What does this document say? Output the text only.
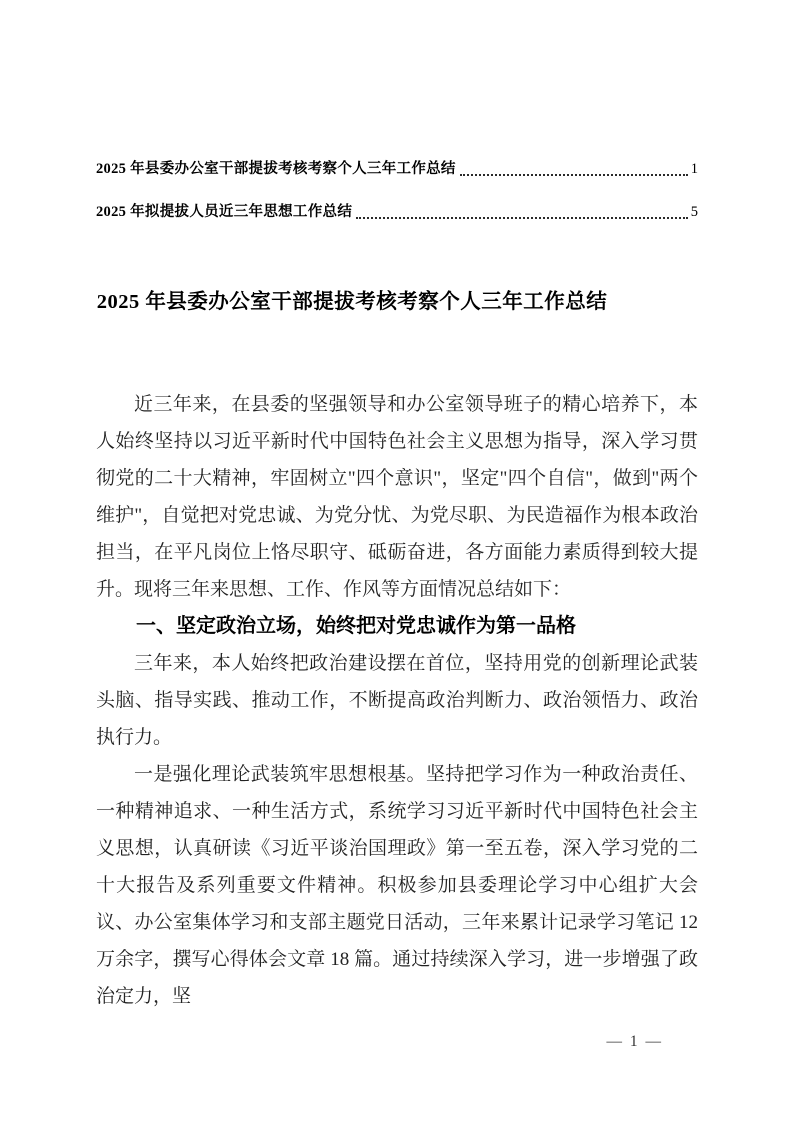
2025 年县委办公室干部提拔考核考察个人三年工作总结	1
2025 年拟提拔人员近三年思想工作总结	5
2025 年县委办公室干部提拔考核考察个人三年工作总结

近三年来，在县委的坚强领导和办公室领导班子的精心培养下，本人始终坚持以习近平新时代中国特色社会主义思想为指导，深入学习贯彻党的二十大精神，牢固树立"四个意识"，坚定"四个自信"，做到"两个维护"，自觉把对党忠诚、为党分忧、为党尽职、为民造福作为根本政治担当，在平凡岗位上恪尽职守、砥砺奋进，各方面能力素质得到较大提升。现将三年来思想、工作、作风等方面情况总结如下：

一、坚定政治立场，始终把对党忠诚作为第一品格

三年来，本人始终把政治建设摆在首位，坚持用党的创新理论武装头脑、指导实践、推动工作，不断提高政治判断力、政治领悟力、政治执行力。

一是强化理论武装筑牢思想根基。坚持把学习作为一种政治责任、一种精神追求、一种生活方式，系统学习习近平新时代中国特色社会主义思想，认真研读《习近平谈治国理政》第一至五卷，深入学习党的二十大报告及系列重要文件精神。积极参加县委理论学习中心组扩大会议、办公室集体学习和支部主题党日活动，三年来累计记录学习笔记 12 万余字，撰写心得体会文章 18 篇。通过持续深入学习，进一步增强了政治定力，坚

— 1 —
